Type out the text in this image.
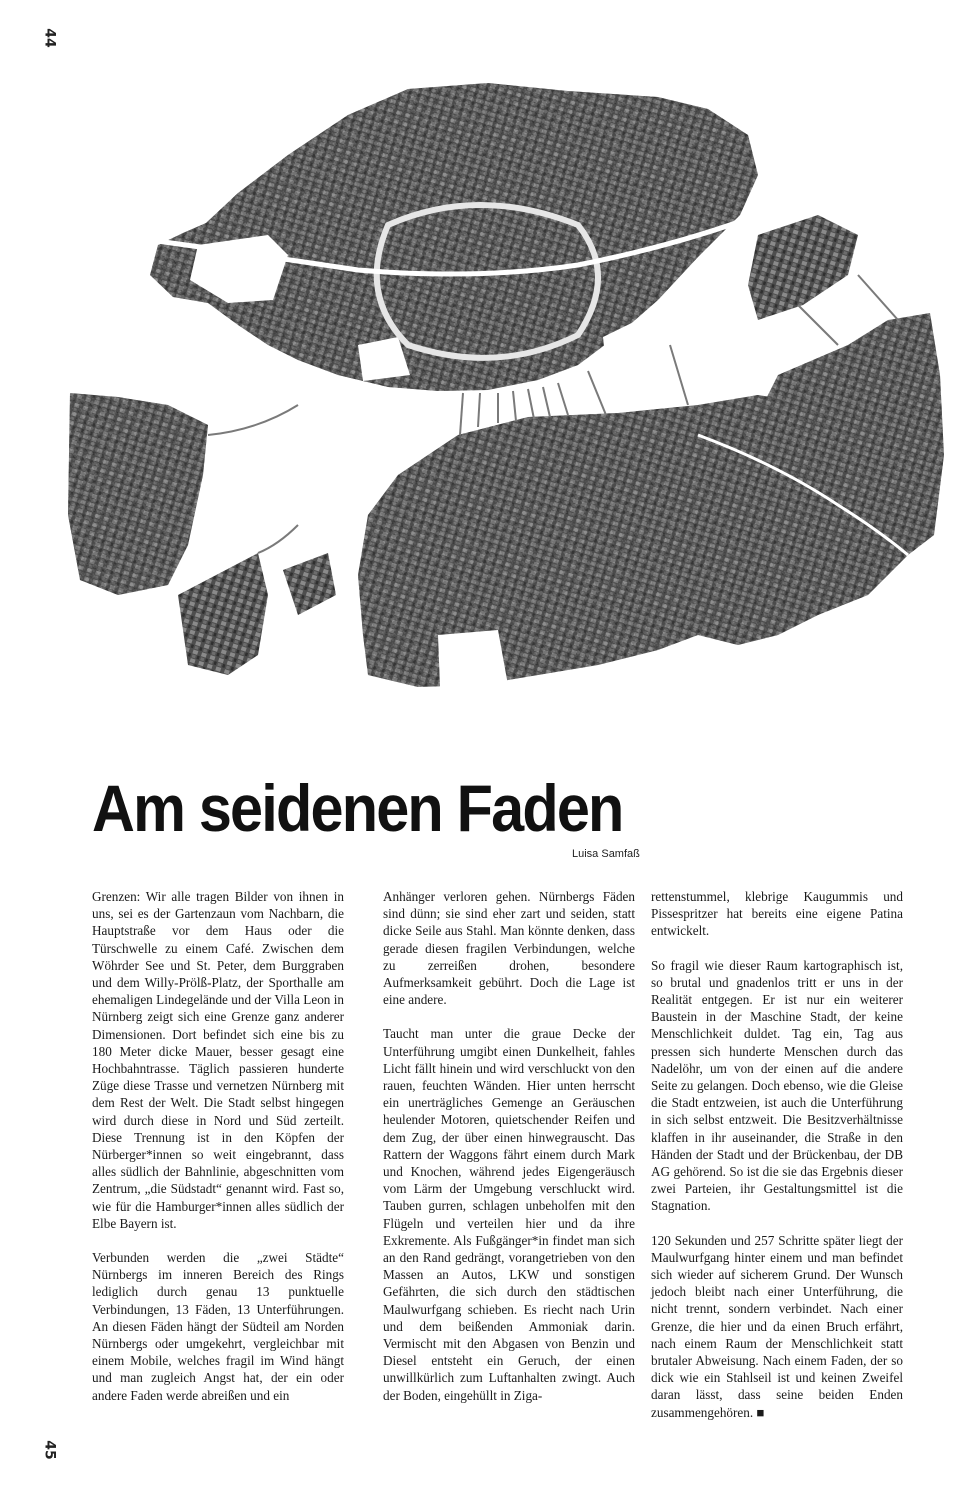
44
Am seidenen Faden
Luisa Samfaß

Grenzen: Wir alle tragen Bilder von ihnen in uns, sei es der Gartenzaun vom Nachbarn, die Hauptstraße vor dem Haus oder die Türschwelle zu einem Café. Zwischen dem Wöhrder See und St. Peter, dem Burggraben und dem Willy-Prölß-Platz, der Sporthalle am ehemaligen Lindegelände und der Villa Leon in Nürnberg zeigt sich eine Grenze ganz anderer Dimensionen. Dort befindet sich eine bis zu 180 Meter dicke Mauer, besser gesagt eine Hochbahntrasse. Täglich passieren hunderte Züge diese Trasse und vernetzen Nürnberg mit dem Rest der Welt. Die Stadt selbst hingegen wird durch diese in Nord und Süd zerteilt. Diese Trennung ist in den Köpfen der Nürberger*innen so weit eingebrannt, dass alles südlich der Bahnlinie, abgeschnitten vom Zentrum, „die Südstadt“ genannt wird. Fast so, wie für die Hamburger*innen alles südlich der Elbe Bayern ist.

Verbunden werden die „zwei Städte“ Nürnbergs im inneren Bereich des Rings lediglich durch genau 13 punktuelle Verbindungen, 13 Fäden, 13 Unterführungen. An diesen Fäden hängt der Südteil am Norden Nürnbergs oder umgekehrt, vergleichbar mit einem Mobile, welches fragil im Wind hängt und man zugleich Angst hat, der ein oder andere Faden werde abreißen und ein

Anhänger verloren gehen. Nürnbergs Fäden sind dünn; sie sind eher zart und seiden, statt dicke Seile aus Stahl. Man könnte denken, dass gerade diesen fragilen Verbindungen, welche zu zerreißen drohen, besondere Aufmerksamkeit gebührt. Doch die Lage ist eine andere.

Taucht man unter die graue Decke der Unterführung umgibt einen Dunkelheit, fahles Licht fällt hinein und wird verschluckt von den rauen, feuchten Wänden. Hier unten herrscht ein unerträgliches Gemenge an Geräuschen heulender Motoren, quietschender Reifen und dem Zug, der über einen hinwegrauscht. Das Rattern der Waggons fährt einem durch Mark und Knochen, während jedes Eigengeräusch vom Lärm der Umgebung verschluckt wird. Tauben gurren, schlagen unbeholfen mit den Flügeln und verteilen hier und da ihre Exkremente. Als Fußgänger*in findet man sich an den Rand gedrängt, vorangetrieben von den Massen an Autos, LKW und sonstigen Gefährten, die sich durch den städtischen Maulwurfgang schieben. Es riecht nach Urin und dem beißenden Ammoniak darin. Vermischt mit den Abgasen von Benzin und Diesel entsteht ein Geruch, der einen unwillkürlich zum Luftanhalten zwingt. Auch der Boden, eingehüllt in Ziga-

rettenstummel, klebrige Kaugummis und Pissespritzer hat bereits eine eigene Patina entwickelt.

So fragil wie dieser Raum kartographisch ist, so brutal und gnadenlos tritt er uns in der Realität entgegen. Er ist nur ein weiterer Baustein in der Maschine Stadt, der keine Menschlichkeit duldet. Tag ein, Tag aus pressen sich hunderte Menschen durch das Nadelöhr, um von der einen auf die andere Seite zu gelangen. Doch ebenso, wie die Gleise die Stadt entzweien, ist auch die Unterführung in sich selbst entzweit. Die Besitzverhältnisse klaffen in ihr auseinander, die Straße in den Händen der Stadt und der Brückenbau, der DB AG gehörend. So ist die sie das Ergebnis dieser zwei Parteien, ihr Gestaltungsmittel ist die Stagnation.

120 Sekunden und 257 Schritte später liegt der Maulwurfgang hinter einem und man befindet sich wieder auf sicherem Grund. Der Wunsch jedoch bleibt nach einer Unterführung, die nicht trennt, sondern verbindet. Nach einer Grenze, die hier und da einen Bruch erfährt, nach einem Raum der Menschlichkeit statt brutaler Abweisung. Nach einem Faden, der so dick wie ein Stahlseil ist und keinen Zweifel daran lässt, dass seine beiden Enden zusammengehören. ■

45
